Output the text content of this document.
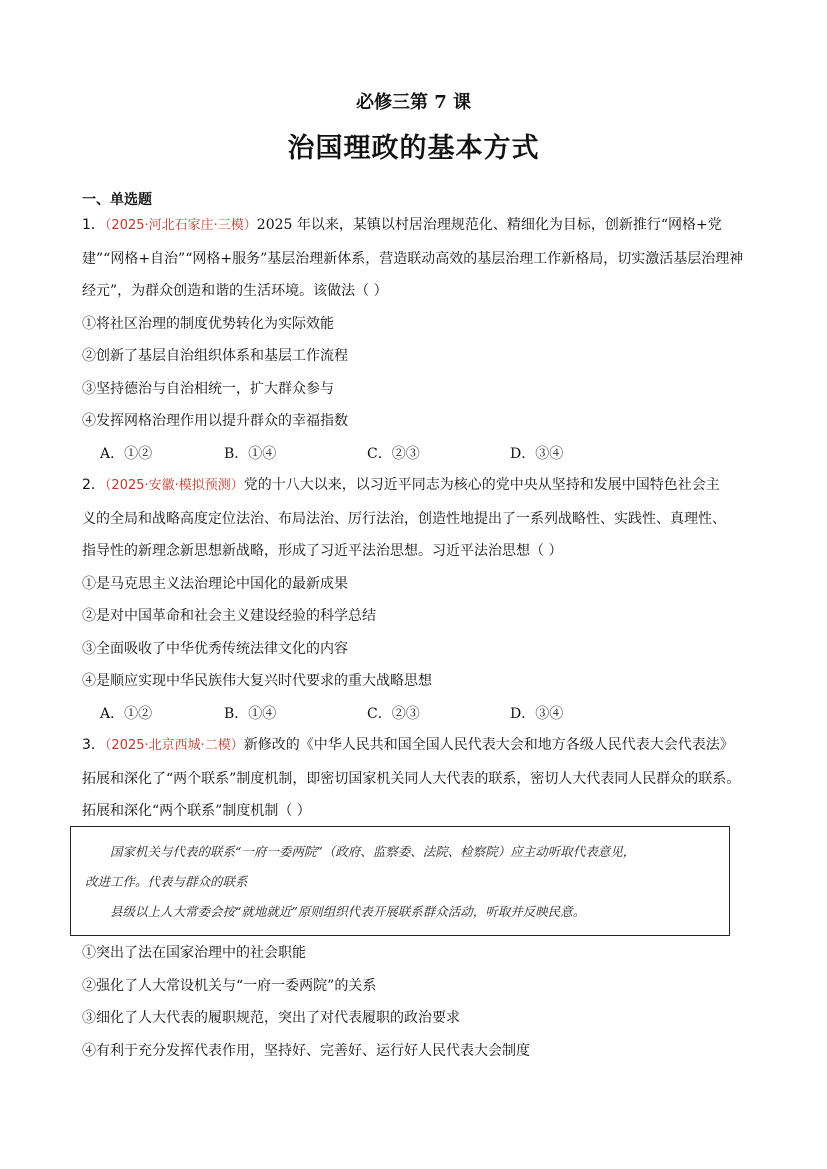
必修三第 7 课
治国理政的基本方式
一、单选题

1．（2025·河北石家庄·三模）2025 年以来，某镇以村居治理规范化、精细化为目标，创新推行“网格+党

建”“网格+自治”“网格+服务”基层治理新体系，营造联动高效的基层治理工作新格局，切实激活基层治理神

经元”，为群众创造和谐的生活环境。该做法（ ）

①将社区治理的制度优势转化为实际效能

②创新了基层自治组织体系和基层工作流程

③坚持德治与自治相统一，扩大群众参与

④发挥网格治理作用以提升群众的幸福指数

A．①②	B．①④	C．②③	D．③④

2．（2025·安徽·模拟预测）党的十八大以来，以习近平同志为核心的党中央从坚持和发展中国特色社会主

义的全局和战略高度定位法治、布局法治、厉行法治，创造性地提出了一系列战略性、实践性、真理性、

指导性的新理念新思想新战略，形成了习近平法治思想。习近平法治思想（ ）

①是马克思主义法治理论中国化的最新成果

②是对中国革命和社会主义建设经验的科学总结

③全面吸收了中华优秀传统法律文化的内容

④是顺应实现中华民族伟大复兴时代要求的重大战略思想

A．①②	B．①④	C．②③	D．③④

3．（2025·北京西城·二模）新修改的《中华人民共和国全国人民代表大会和地方各级人民代表大会代表法》

拓展和深化了“两个联系”制度机制，即密切国家机关同人大代表的联系，密切人大代表同人民群众的联系。

拓展和深化“两个联系”制度机制（ ）

国家机关与代表的联系“一府一委两院”（政府、监察委、法院、检察院）应主动听取代表意见，

改进工作。代表与群众的联系

县级以上人大常委会按“就地就近”原则组织代表开展联系群众活动，听取并反映民意。

①突出了法在国家治理中的社会职能

②强化了人大常设机关与“一府一委两院”的关系

③细化了人大代表的履职规范，突出了对代表履职的政治要求

④有利于充分发挥代表作用，坚持好、完善好、运行好人民代表大会制度
